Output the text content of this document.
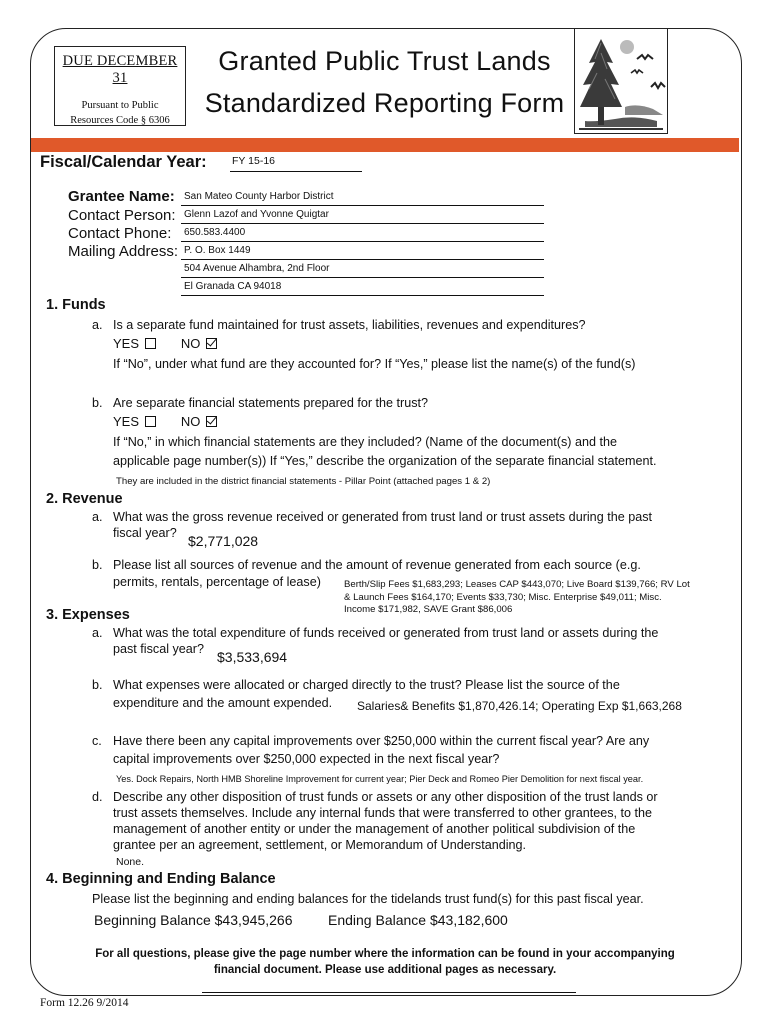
DUE DECEMBER 31
Pursuant to Public
Resources Code § 6306
Granted Public Trust Lands
Standardized Reporting Form
Fiscal/Calendar Year: FY 15-16
Grantee Name: San Mateo County Harbor District
Contact Person: Glenn Lazof and Yvonne Quigtar
Contact Phone: 650.583.4400
Mailing Address: P. O. Box 1449
504 Avenue Alhambra, 2nd Floor
El Granada CA 94018
1. Funds
a. Is a separate fund maintained for trust assets, liabilities, revenues and expenditures?
YES	NO
If “No”, under what fund are they accounted for? If “Yes,” please list the name(s) of the fund(s)
b. Are separate financial statements prepared for the trust?
YES	NO
If “No,” in which financial statements are they included? (Name of the document(s) and the
applicable page number(s)) If “Yes,” describe the organization of the separate financial statement.
They are included in the district financial statements - Pillar Point (attached pages 1 & 2)
2. Revenue
a. What was the gross revenue received or generated from trust land or trust assets during the past
fiscal year? $2,771,028
b. Please list all sources of revenue and the amount of revenue generated from each source (e.g.
permits, rentals, percentage of lease) Berth/Slip Fees $1,683,293; Leases CAP $443,070; Live Board $139,766; RV Lot
& Launch Fees $164,170; Events $33,730; Misc. Enterprise $49,011; Misc.
Income $171,982, SAVE Grant $86,006
3. Expenses
a. What was the total expenditure of funds received or generated from trust land or assets during the
past fiscal year? $3,533,694
b. What expenses were allocated or charged directly to the trust? Please list the source of the
expenditure and the amount expended. Salaries& Benefits $1,870,426.14; Operating Exp $1,663,268
c. Have there been any capital improvements over $250,000 within the current fiscal year? Are any
capital improvements over $250,000 expected in the next fiscal year?
Yes. Dock Repairs, North HMB Shoreline Improvement for current year; Pier Deck and Romeo Pier Demolition for next fiscal year.
d. Describe any other disposition of trust funds or assets or any other disposition of the trust lands or
trust assets themselves. Include any internal funds that were transferred to other grantees, to the
management of another entity or under the management of another political subdivision of the
grantee per an agreement, settlement, or Memorandum of Understanding.
None.
4. Beginning and Ending Balance
Please list the beginning and ending balances for the tidelands trust fund(s) for this past fiscal year.
Beginning Balance $43,945,266	Ending Balance $43,182,600
For all questions, please give the page number where the information can be found in your accompanying
financial document. Please use additional pages as necessary.
Form 12.26 9/2014
